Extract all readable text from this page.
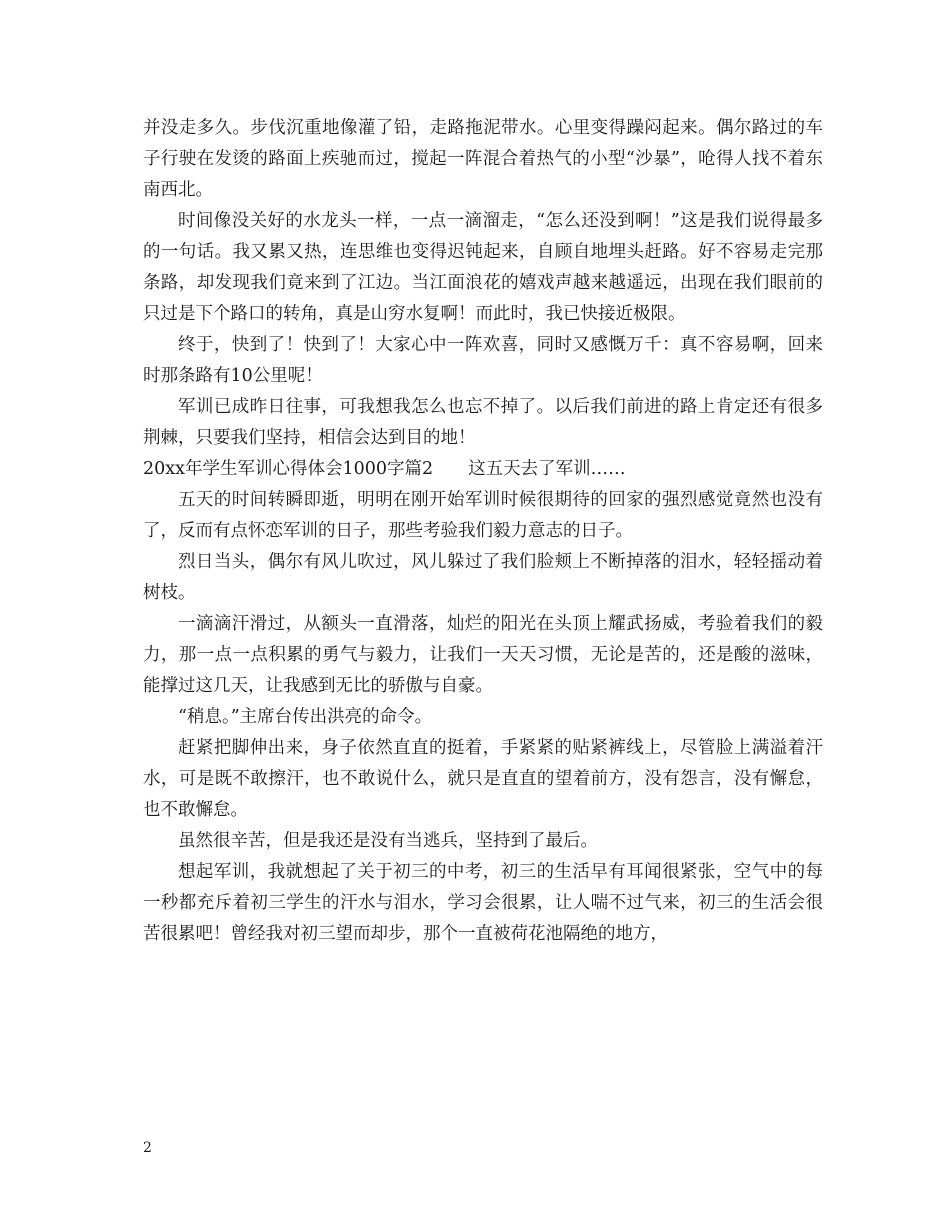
并没走多久。步伐沉重地像灌了铅，走路拖泥带水。心里变得躁闷起来。偶尔路过的车子行驶在发烫的路面上疾驰而过，搅起一阵混合着热气的小型“沙暴”，呛得人找不着东南西北。

时间像没关好的水龙头一样，一点一滴溜走，“怎么还没到啊！”这是我们说得最多的一句话。我又累又热，连思维也变得迟钝起来，自顾自地埋头赶路。好不容易走完那条路，却发现我们竟来到了江边。当江面浪花的嬉戏声越来越遥远，出现在我们眼前的只过是下个路口的转角，真是山穷水复啊！而此时，我已快接近极限。

终于，快到了！快到了！大家心中一阵欢喜，同时又感慨万千：真不容易啊，回来时那条路有10公里呢！

军训已成昨日往事，可我想我怎么也忘不掉了。以后我们前进的路上肯定还有很多荆棘，只要我们坚持，相信会达到目的地！

20xx年学生军训心得体会1000字篇2　　这五天去了军训……

五天的时间转瞬即逝，明明在刚开始军训时候很期待的回家的强烈感觉竟然也没有了，反而有点怀恋军训的日子，那些考验我们毅力意志的日子。

烈日当头，偶尔有风儿吹过，风儿躲过了我们脸颊上不断掉落的泪水，轻轻摇动着树枝。

一滴滴汗滑过，从额头一直滑落，灿烂的阳光在头顶上耀武扬威，考验着我们的毅力，那一点一点积累的勇气与毅力，让我们一天天习惯，无论是苦的，还是酸的滋味，能撑过这几天，让我感到无比的骄傲与自豪。

“稍息。”主席台传出洪亮的命令。

赶紧把脚伸出来，身子依然直直的挺着，手紧紧的贴紧裤线上，尽管脸上满溢着汗水，可是既不敢擦汗，也不敢说什么，就只是直直的望着前方，没有怨言，没有懈怠，也不敢懈怠。

虽然很辛苦，但是我还是没有当逃兵，坚持到了最后。

想起军训，我就想起了关于初三的中考，初三的生活早有耳闻很紧张，空气中的每一秒都充斥着初三学生的汗水与泪水，学习会很累，让人喘不过气来，初三的生活会很苦很累吧！曾经我对初三望而却步，那个一直被荷花池隔绝的地方，

2
